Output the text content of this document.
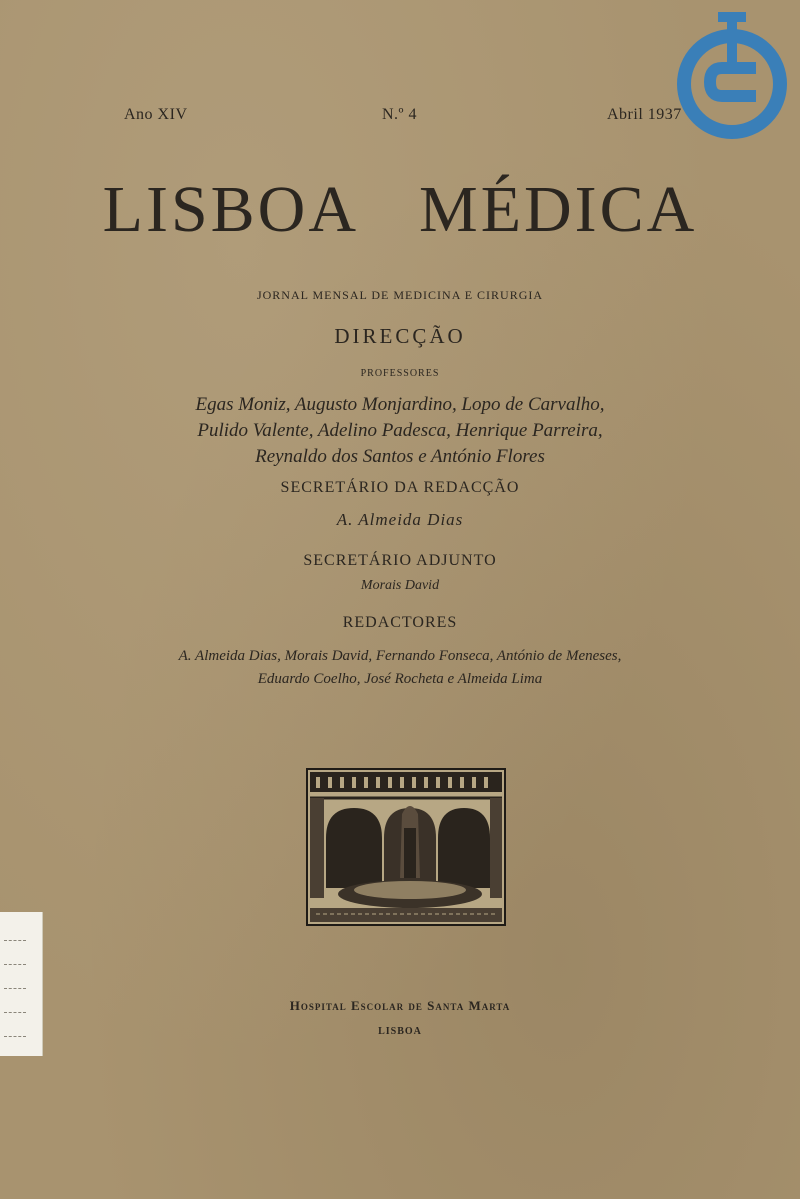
Ano XIV	N.º 4	Abril 1937
LISBOA MÉDICA

JORNAL MENSAL DE MEDICINA E CIRURGIA

DIRECÇÃO

PROFESSORES

Egas Moniz, Augusto Monjardino, Lopo de Carvalho,
Pulido Valente, Adelino Padesca, Henrique Parreira,
Reynaldo dos Santos e António Flores

SECRETÁRIO DA REDACÇÃO

A. Almeida Dias

SECRETÁRIO ADJUNTO

Morais David

REDACTORES

A. Almeida Dias, Morais David, Fernando Fonseca, António de Meneses,
Eduardo Coelho, José Rocheta e Almeida Lima

Hospital Escolar de Santa Marta

LISBOA
